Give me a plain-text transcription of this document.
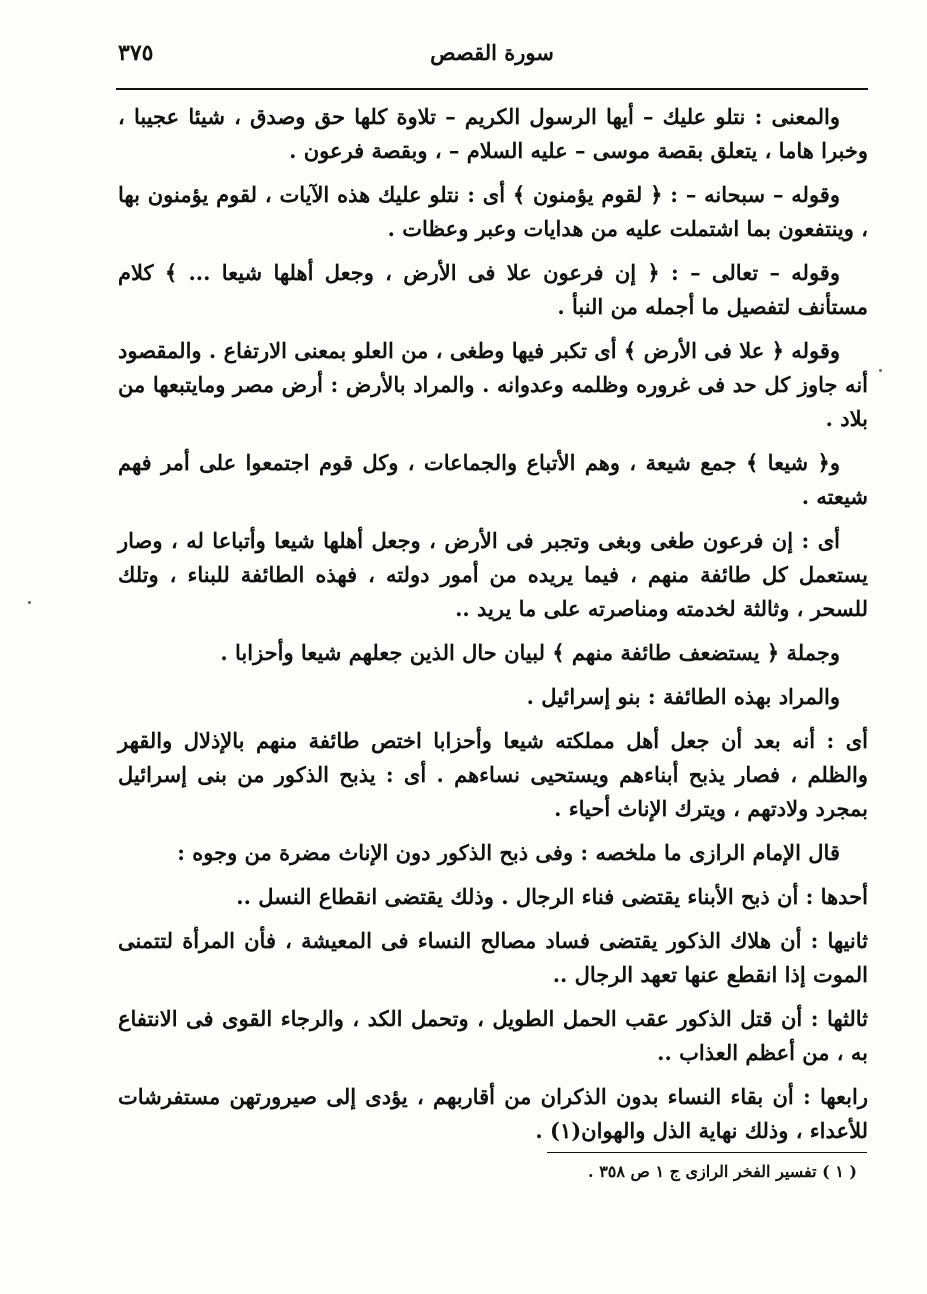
سورة القصص
٣٧٥

والمعنى : نتلو عليك – أيها الرسول الكريم – تلاوة كلها حق وصدق ، شيئا عجيبا ، وخبرا هاما ، يتعلق بقصة موسى – عليه السلام – ، وبقصة فرعون .

وقوله – سبحانه – : ﴿ لقوم يؤمنون ﴾ أى : نتلو عليك هذه الآيات ، لقوم يؤمنون بها ، وينتفعون بما اشتملت عليه من هدايات وعبر وعظات .

وقوله – تعالى – : ﴿ إن فرعون علا فى الأرض ، وجعل أهلها شيعا ... ﴾ كلام مستأنف لتفصيل ما أجمله من النبأ .

وقوله ﴿ علا فى الأرض ﴾ أى تكبر فيها وطغى ، من العلو بمعنى الارتفاع . والمقصود أنه جاوز كل حد فى غروره وظلمه وعدوانه . والمراد بالأرض : أرض مصر ومايتبعها من بلاد .

و﴿ شيعا ﴾ جمع شيعة ، وهم الأتباع والجماعات ، وكل قوم اجتمعوا على أمر فهم شيعته .

أى : إن فرعون طغى وبغى وتجبر فى الأرض ، وجعل أهلها شيعا وأتباعا له ، وصار يستعمل كل طائفة منهم ، فيما يريده من أمور دولته ، فهذه الطائفة للبناء ، وتلك للسحر ، وثالثة لخدمته ومناصرته على ما يريد ..

وجملة ﴿ يستضعف طائفة منهم ﴾ لبيان حال الذين جعلهم شيعا وأحزابا .

والمراد بهذه الطائفة : بنو إسرائيل .

أى : أنه بعد أن جعل أهل مملكته شيعا وأحزابا اختص طائفة منهم بالإذلال والقهر والظلم ، فصار يذبح أبناءهم ويستحيى نساءهم . أى : يذبح الذكور من بنى إسرائيل بمجرد ولادتهم ، ويترك الإناث أحياء .

قال الإمام الرازى ما ملخصه : وفى ذبح الذكور دون الإناث مضرة من وجوه :

أحدها : أن ذبح الأبناء يقتضى فناء الرجال . وذلك يقتضى انقطاع النسل ..

ثانيها : أن هلاك الذكور يقتضى فساد مصالح النساء فى المعيشة ، فأن المرأة لتتمنى الموت إذا انقطع عنها تعهد الرجال ..

ثالثها : أن قتل الذكور عقب الحمل الطويل ، وتحمل الكد ، والرجاء القوى فى الانتفاع به ، من أعظم العذاب ..

رابعها : أن بقاء النساء بدون الذكران من أقاربهم ، يؤدى إلى صيرورتهن مستفرشات للأعداء ، وذلك نهاية الذل والهوان(١) .

( ١ ) تفسير الفخر الرازى ج ١ ص ٣٥٨ .
